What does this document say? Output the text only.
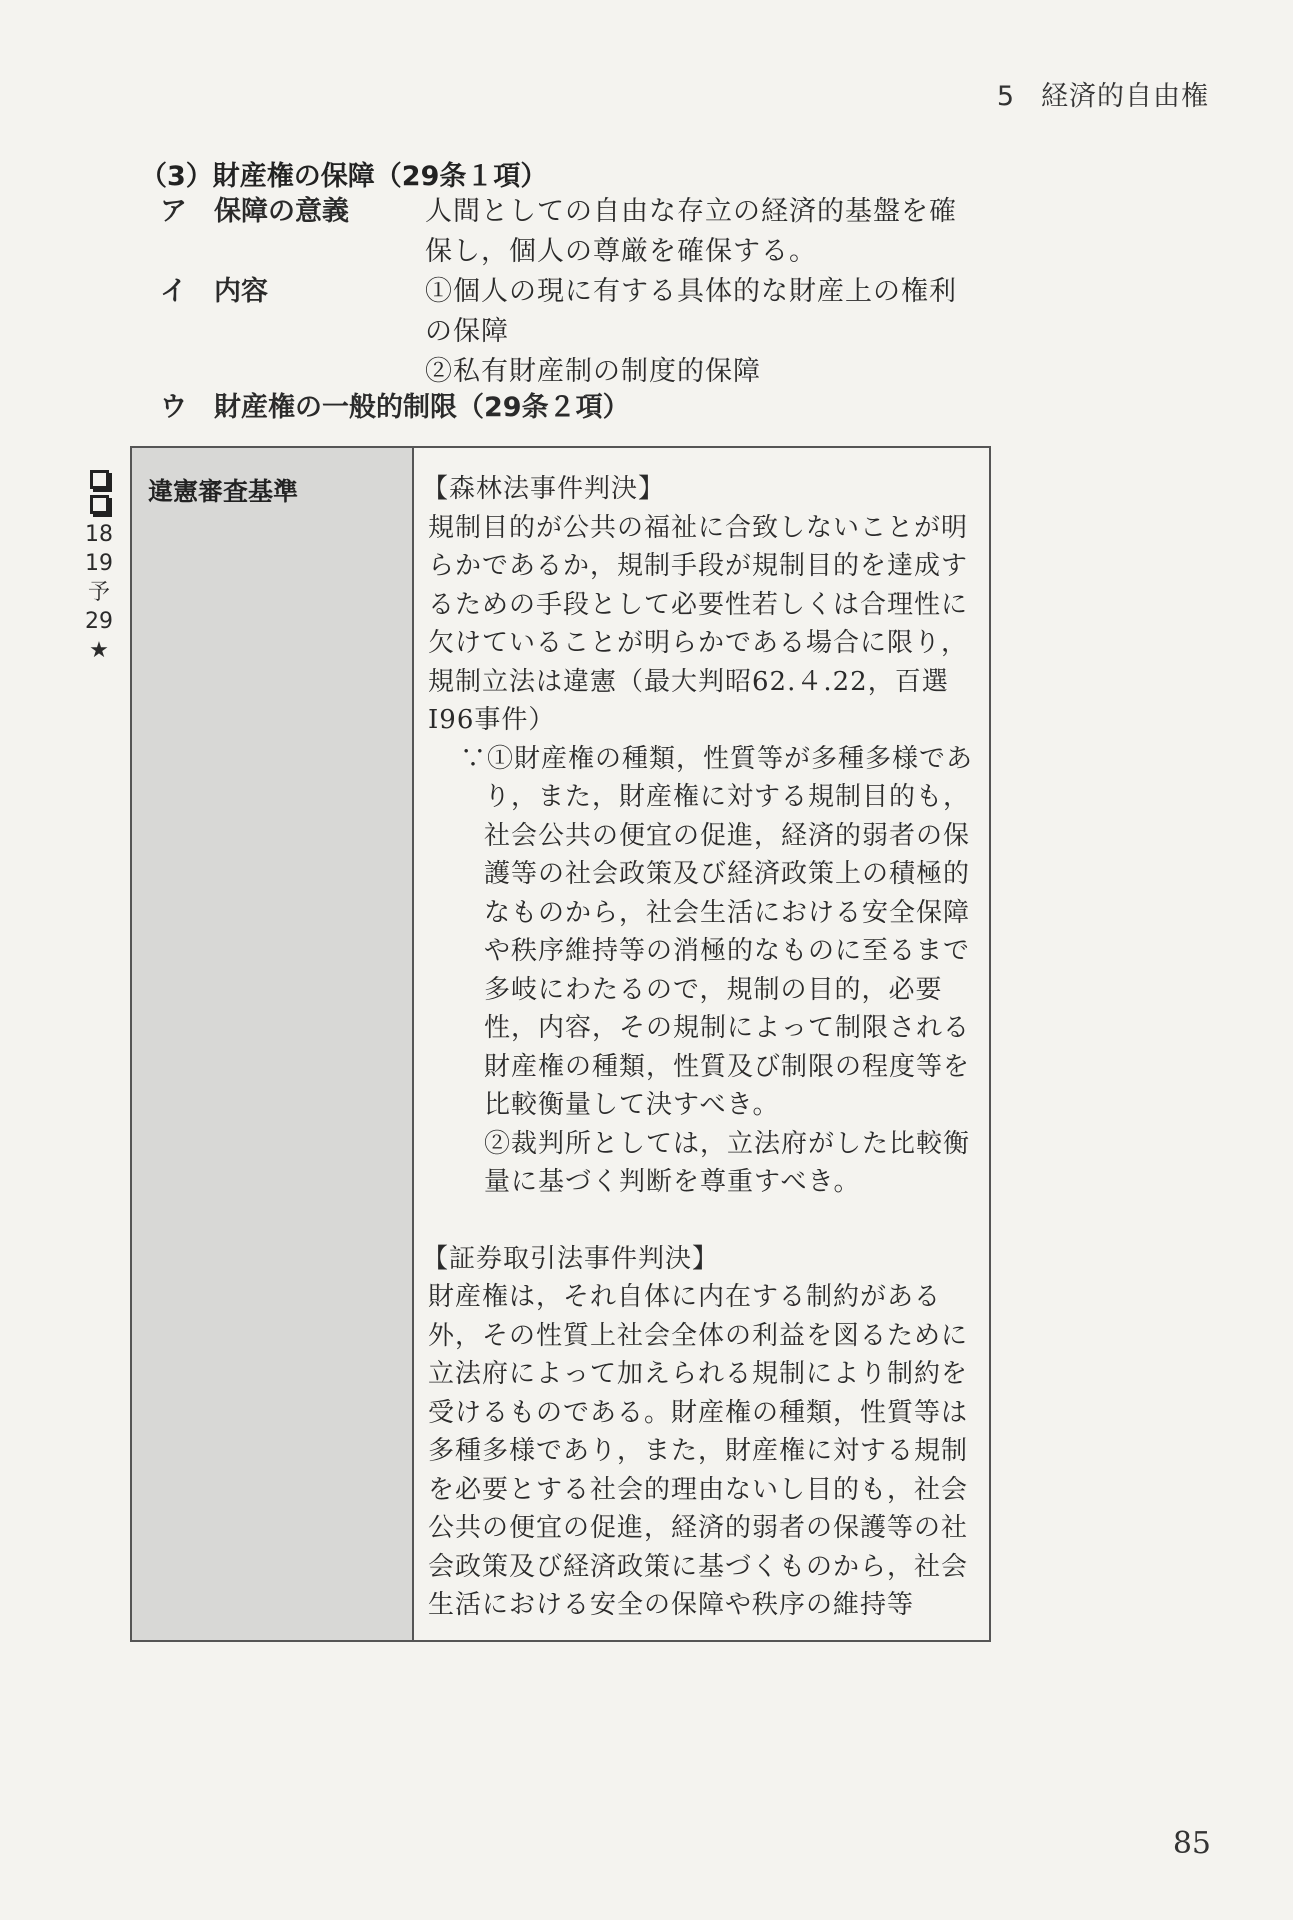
5 経済的自由権
（3）財産権の保障（29条１項）
ア　保障の意義	人間としての自由な存立の経済的基盤を確保し，個人の尊厳を確保する。
イ　内容	①個人の現に有する具体的な財産上の権利の保障
②私有財産制の制度的保障
ウ　財産権の一般的制限（29条２項）
18
19
予
29
★
違憲審査基準	【森林法事件判決】
規制目的が公共の福祉に合致しないことが明らかであるか，規制手段が規制目的を達成するための手段として必要性若しくは合理性に欠けていることが明らかである場合に限り，規制立法は違憲（最大判昭62.４.22，百選Ⅰ96事件）
∵①財産権の種類，性質等が多種多様であり，また，財産権に対する規制目的も，社会公共の便宜の促進，経済的弱者の保護等の社会政策及び経済政策上の積極的なものから，社会生活における安全保障や秩序維持等の消極的なものに至るまで多岐にわたるので，規制の目的，必要性，内容，その規制によって制限される財産権の種類，性質及び制限の程度等を比較衡量して決すべき。
②裁判所としては，立法府がした比較衡量に基づく判断を尊重すべき。
【証券取引法事件判決】
財産権は，それ自体に内在する制約がある外，その性質上社会全体の利益を図るために立法府によって加えられる規制により制約を受けるものである。財産権の種類，性質等は多種多様であり，また，財産権に対する規制を必要とする社会的理由ないし目的も，社会公共の便宜の促進，経済的弱者の保護等の社会政策及び経済政策に基づくものから，社会生活における安全の保障や秩序の維持等
85
